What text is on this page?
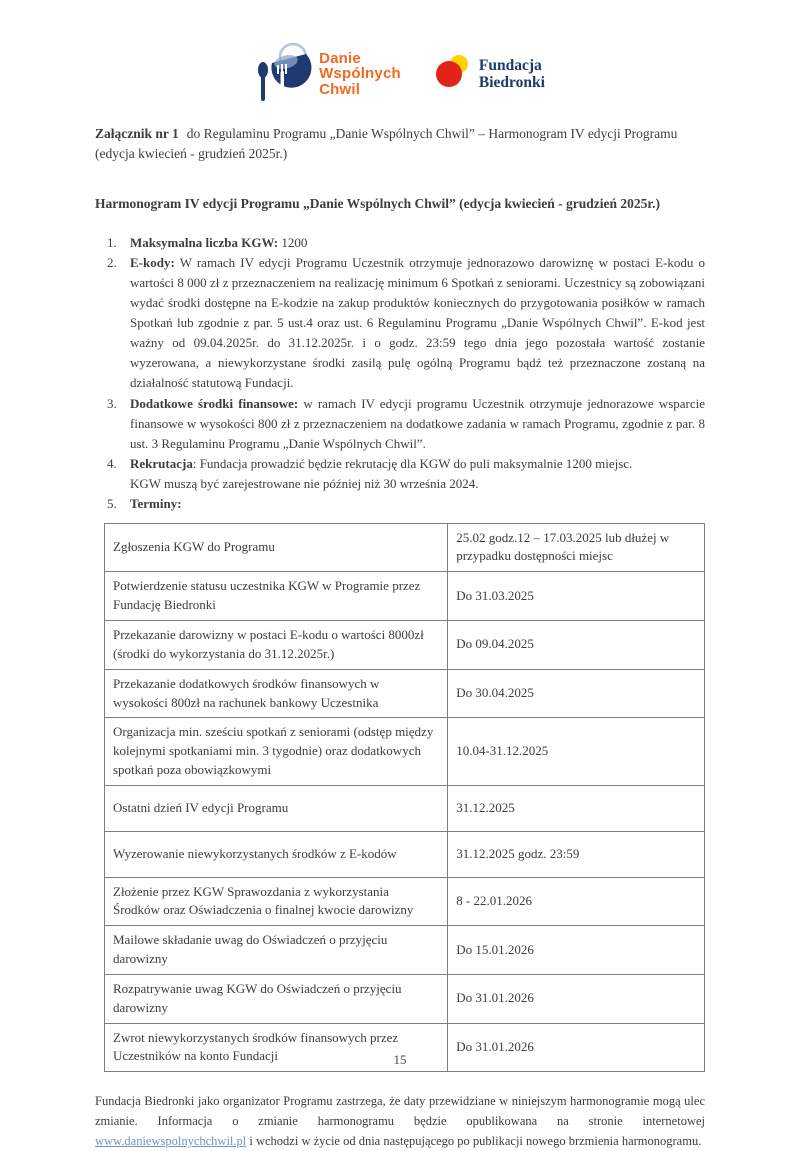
Danie
Wspólnych
Chwil
Fundacja
Biedronki

Załącznik nr 1 do Regulaminu Programu „Danie Wspólnych Chwil” – Harmonogram IV edycji Programu (edycja kwiecień - grudzień 2025r.)

Harmonogram IV edycji Programu „Danie Wspólnych Chwil” (edycja kwiecień - grudzień 2025r.)

1.	Maksymalna liczba KGW: 1200
2.	E-kody: W ramach IV edycji Programu Uczestnik otrzymuje jednorazowo darowiznę w postaci E-kodu o wartości 8 000 zł z przeznaczeniem na realizację minimum 6 Spotkań z seniorami. Uczestnicy są zobowiązani wydać środki dostępne na E-kodzie na zakup produktów koniecznych do przygotowania posiłków w ramach Spotkań lub zgodnie z par. 5 ust.4 oraz ust. 6 Regulaminu Programu „Danie Wspólnych Chwil”. E-kod jest ważny od 09.04.2025r. do 31.12.2025r. i o godz. 23:59 tego dnia jego pozostała wartość zostanie wyzerowana, a niewykorzystane środki zasilą pulę ogólną Programu bądź też przeznaczone zostaną na działalność statutową Fundacji.
3.	Dodatkowe środki finansowe: w ramach IV edycji programu Uczestnik otrzymuje jednorazowe wsparcie finansowe w wysokości 800 zł z przeznaczeniem na dodatkowe zadania w ramach Programu, zgodnie z par. 8 ust. 3 Regulaminu Programu „Danie Wspólnych Chwil”.
4.	Rekrutacja: Fundacja prowadzić będzie rekrutację dla KGW do puli maksymalnie 1200 miejsc.
KGW muszą być zarejestrowane nie później niż 30 września 2024.
5.	Terminy:
Zgłoszenia KGW do Programu	25.02 godz.12 – 17.03.2025 lub dłużej w przypadku dostępności miejsc
Potwierdzenie statusu uczestnika KGW w Programie przez Fundację Biedronki	Do 31.03.2025
Przekazanie darowizny w postaci E-kodu o wartości 8000zł (środki do wykorzystania do 31.12.2025r.)	Do 09.04.2025
Przekazanie dodatkowych środków finansowych w wysokości 800zł na rachunek bankowy Uczestnika	Do 30.04.2025
Organizacja min. sześciu spotkań z seniorami (odstęp między kolejnymi spotkaniami min. 3 tygodnie) oraz dodatkowych spotkań poza obowiązkowymi	10.04-31.12.2025
Ostatni dzień IV edycji Programu	31.12.2025
Wyzerowanie niewykorzystanych środków z E-kodów	31.12.2025 godz. 23:59
Złożenie przez KGW Sprawozdania z wykorzystania Środków oraz Oświadczenia o finalnej kwocie darowizny	8 - 22.01.2026
Mailowe składanie uwag do Oświadczeń o przyjęciu darowizny	Do 15.01.2026
Rozpatrywanie uwag KGW do Oświadczeń o przyjęciu darowizny	Do 31.01.2026
Zwrot niewykorzystanych środków finansowych przez Uczestników na konto Fundacji	Do 31.01.2026

Fundacja Biedronki jako organizator Programu zastrzega, że daty przewidziane w niniejszym harmonogramie mogą ulec zmianie. Informacja o zmianie harmonogramu będzie opublikowana na stronie internetowej www.daniewspolnychchwil.pl i wchodzi w życie od dnia następującego po publikacji nowego brzmienia harmonogramu.

15
